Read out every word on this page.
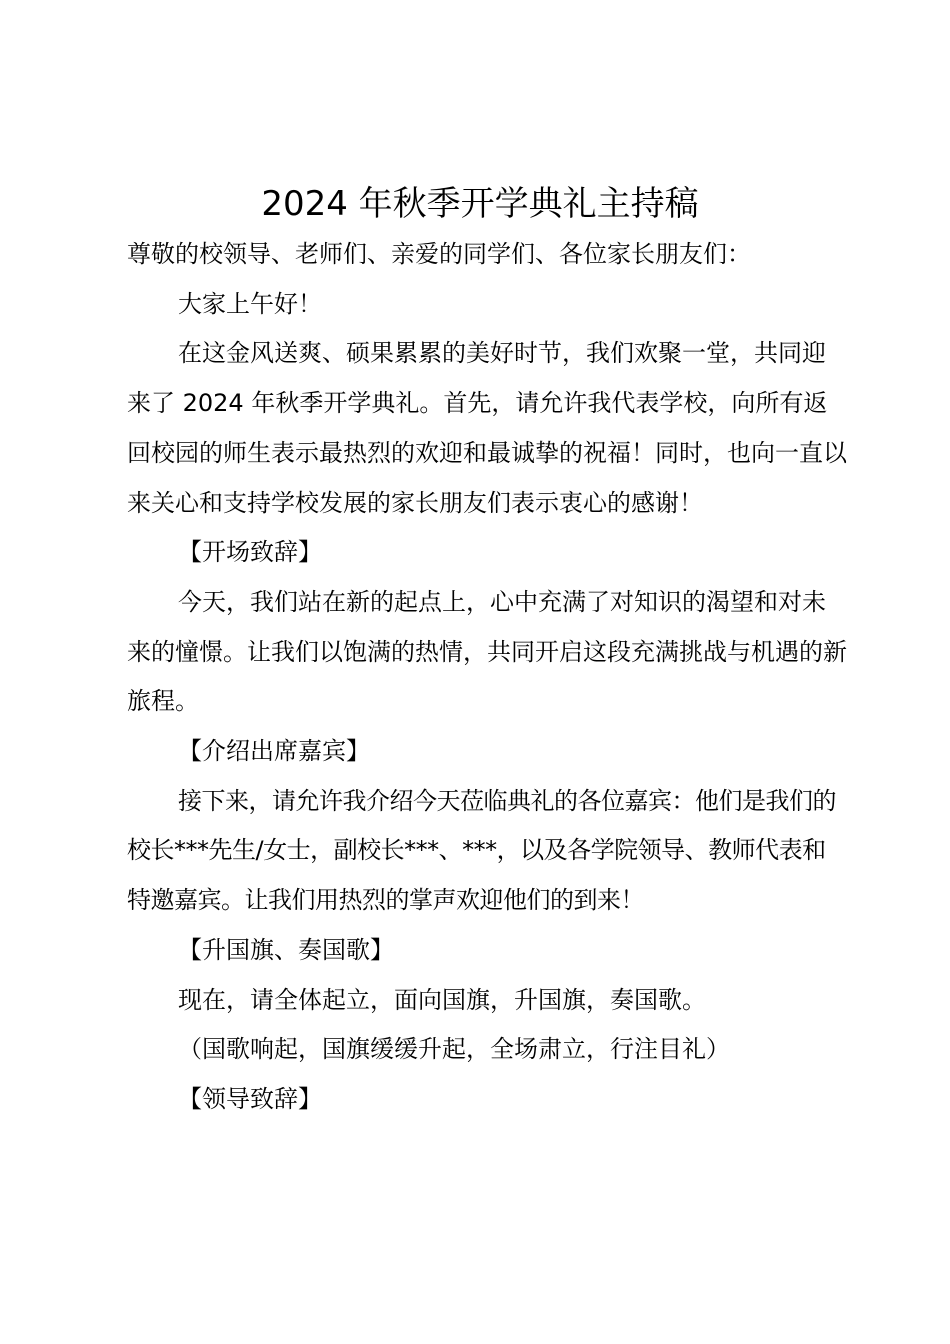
2024 年秋季开学典礼主持稿

尊敬的校领导、老师们、亲爱的同学们、各位家长朋友们：

大家上午好！

在这金风送爽、硕果累累的美好时节，我们欢聚一堂，共同迎来了 2024 年秋季开学典礼。首先，请允许我代表学校，向所有返回校园的师生表示最热烈的欢迎和最诚挚的祝福！同时，也向一直以来关心和支持学校发展的家长朋友们表示衷心的感谢！

【开场致辞】

今天，我们站在新的起点上，心中充满了对知识的渴望和对未来的憧憬。让我们以饱满的热情，共同开启这段充满挑战与机遇的新旅程。

【介绍出席嘉宾】

接下来，请允许我介绍今天莅临典礼的各位嘉宾：他们是我们的校长***先生/女士，副校长***、***，以及各学院领导、教师代表和特邀嘉宾。让我们用热烈的掌声欢迎他们的到来！

【升国旗、奏国歌】

现在，请全体起立，面向国旗，升国旗，奏国歌。

（国歌响起，国旗缓缓升起，全场肃立，行注目礼）

【领导致辞】
